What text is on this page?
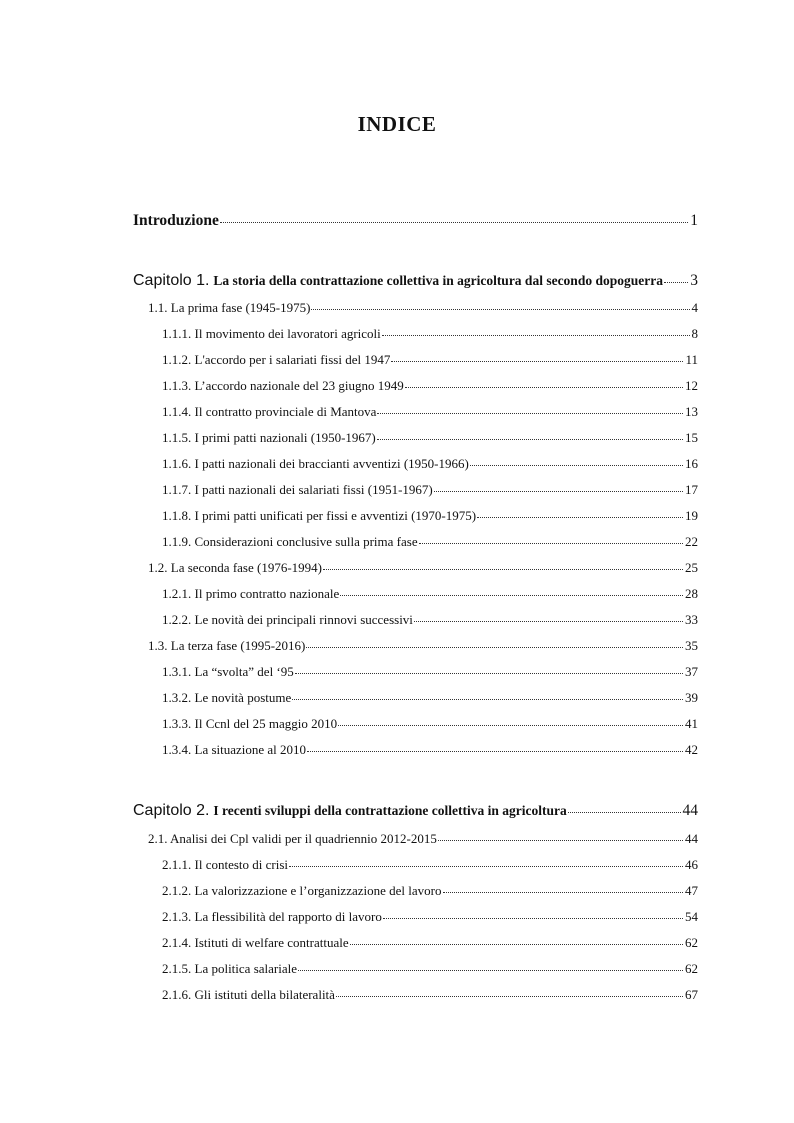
INDICE
Introduzione	1
Capitolo 1. La storia della contrattazione collettiva in agricoltura dal secondo dopoguerra 3
1.1. La prima fase (1945-1975)	4
1.1.1. Il movimento dei lavoratori agricoli	8
1.1.2. L'accordo per i salariati fissi del 1947	11
1.1.3. L’accordo nazionale del 23 giugno 1949	12
1.1.4. Il contratto provinciale di Mantova	13
1.1.5. I primi patti nazionali (1950-1967)	15
1.1.6. I patti nazionali dei braccianti avventizi (1950-1966)	16
1.1.7. I patti nazionali dei salariati fissi (1951-1967)	17
1.1.8. I primi patti unificati per fissi e avventizi (1970-1975)	19
1.1.9. Considerazioni conclusive sulla prima fase	22
1.2. La seconda fase (1976-1994)	25
1.2.1. Il primo contratto nazionale	28
1.2.2. Le novità dei principali rinnovi successivi	33
1.3. La terza fase (1995-2016)	35
1.3.1. La “svolta” del ‘95	37
1.3.2. Le novità postume	39
1.3.3. Il Ccnl del 25 maggio 2010	41
1.3.4. La situazione al 2010	42
Capitolo 2. I recenti sviluppi della contrattazione collettiva in agricoltura	44
2.1. Analisi dei Cpl validi per il quadriennio 2012-2015	44
2.1.1. Il contesto di crisi	46
2.1.2. La valorizzazione e l’organizzazione del lavoro	47
2.1.3. La flessibilità del rapporto di lavoro	54
2.1.4. Istituti di welfare contrattuale	62
2.1.5. La politica salariale	62
2.1.6. Gli istituti della bilateralità	67
